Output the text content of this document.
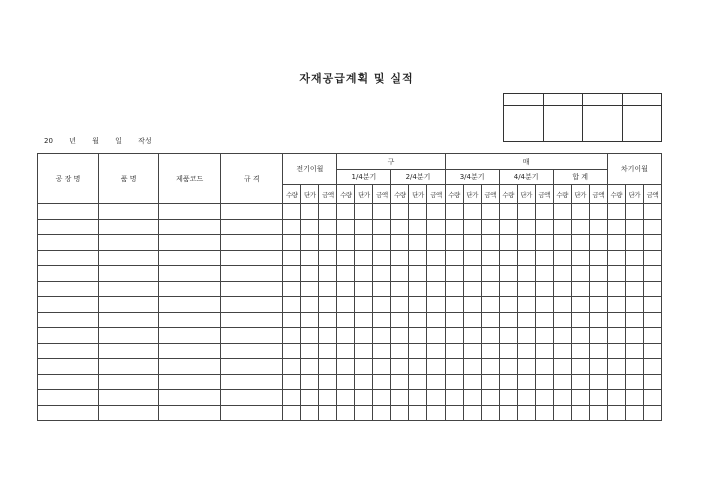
자재공급계획 및 실적

20 년 월 일 작성
공 장 명	품 명	제품코드	규 격	전기이월			구						매									차기이월		
							1/4분기			2/4분기			3/4분기			4/4분기			합 계					
				수량	단가	금액	수량	단가	금액	수량	단가	금액	수량	단가	금액	수량	단가	금액	수량	단가	금액	수량	단가	금액
